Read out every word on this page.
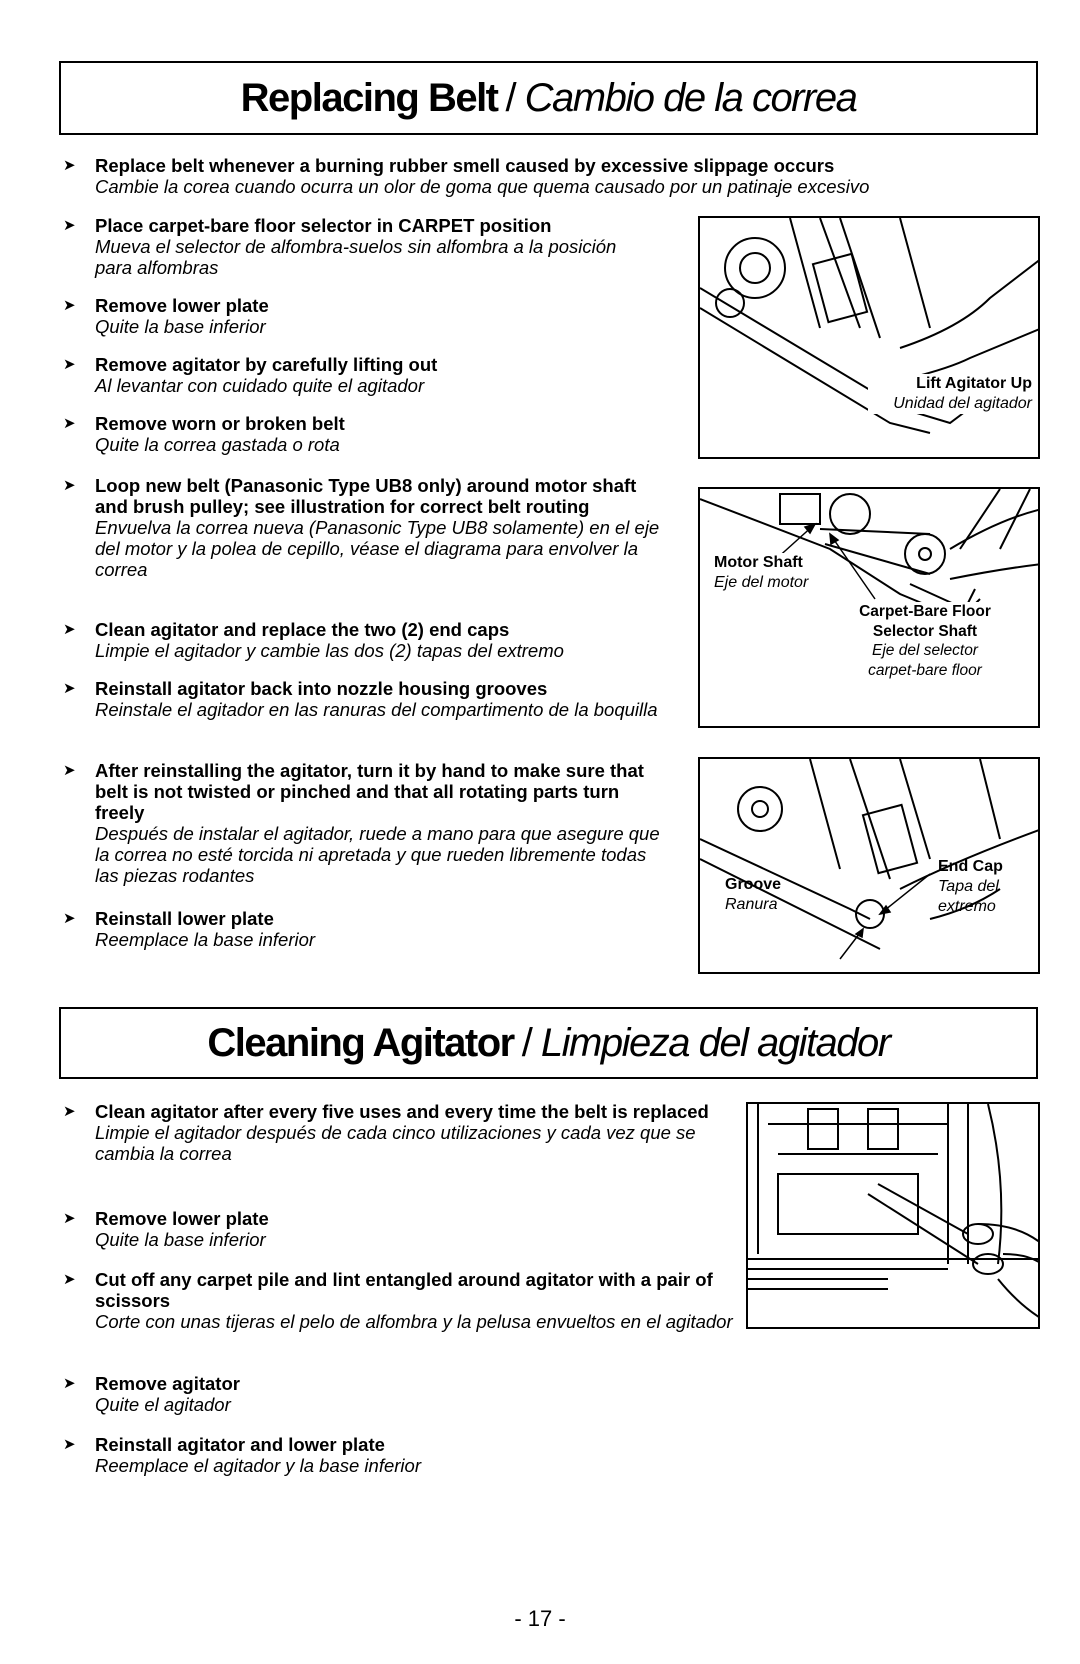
Replacing Belt / Cambio de la correa
➤ Replace belt whenever a burning rubber smell caused by excessive slippage occurs
Cambie la corea cuando ocurra un olor de goma que quema causado por un patinaje excesivo
➤ Place carpet-bare floor selector in CARPET position
Mueva el selector de alfombra-suelos sin alfombra a la posición para alfombras
➤ Remove lower plate
Quite la base inferior
➤ Remove agitator by carefully lifting out
Al levantar con cuidado quite el agitador
➤ Remove worn or broken belt
Quite la correa gastada o rota
➤ Loop new belt (Panasonic Type UB8 only) around motor shaft and brush pulley; see illustration for correct belt routing
Envuelva la correa nueva (Panasonic Type UB8 solamente) en el eje del motor y la polea de cepillo, véase el diagrama para envolver la correa
➤ Clean agitator and replace the two (2) end caps
Limpie el agitador y cambie las dos (2) tapas del extremo
➤ Reinstall agitator back into nozzle housing grooves
Reinstale el agitador en las ranuras del compartimento de la boquilla
➤ After reinstalling the agitator, turn it by hand to make sure that belt is not twisted or pinched and that all rotating parts turn freely
Después de instalar el agitador, ruede a mano para que asegure que la correa no esté torcida ni apretada y que rueden libremente todas las piezas rodantes
➤ Reinstall lower plate
Reemplace la base inferior
Lift Agitator Up
Unidad del agitador
Motor Shaft
Eje del motor
Carpet-Bare Floor
Selector Shaft
Eje del selector
carpet-bare floor
Groove
Ranura
End Cap
Tapa del
extremo
Cleaning Agitator / Limpieza del agitador
➤ Clean agitator after every five uses and every time the belt is replaced
Limpie el agitador después de cada cinco utilizaciones y cada vez que se cambia la correa
➤ Remove lower plate
Quite la base inferior
➤ Cut off any carpet pile and lint entangled around agitator with a pair of scissors
Corte con unas tijeras el pelo de alfombra y la pelusa envueltos en el agitador
➤ Remove agitator
Quite el agitador
➤ Reinstall agitator and lower plate
Reemplace el agitador y la base inferior
- 17 -
